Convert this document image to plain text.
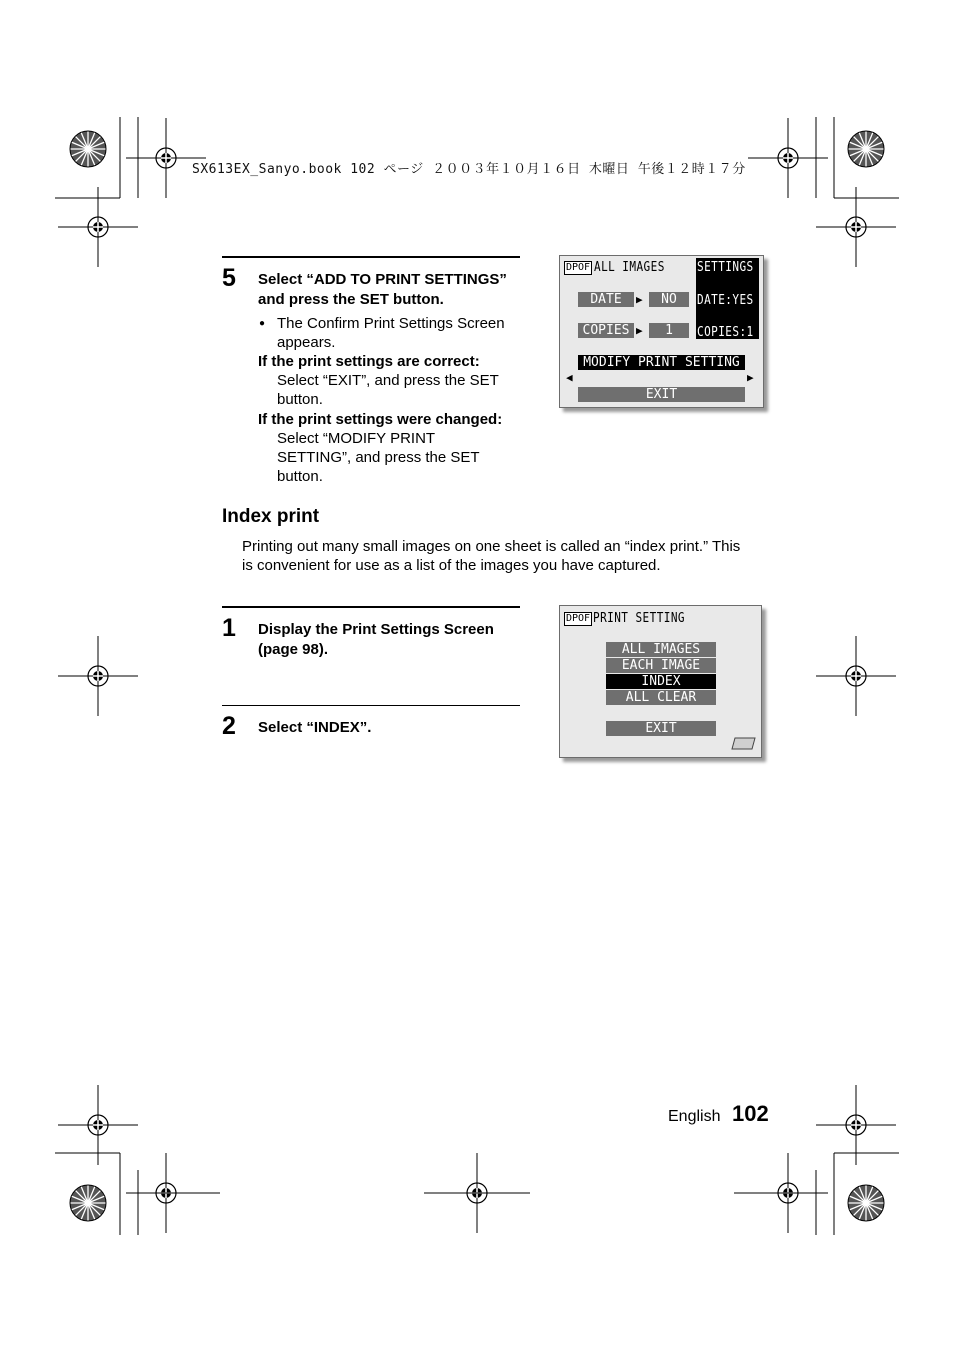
SX613EX_Sanyo.book 102 ページ ２００３年１０月１６日 木曜日 午後１２時１７分
5 Select “ADD TO PRINT SETTINGS”
and press the SET button.
● The Confirm Print Settings Screen
appears.
If the print settings are correct:
Select “EXIT”, and press the SET
button.
If the print settings were changed:
Select “MODIFY PRINT
SETTING”, and press the SET
button.
DPOF ALL IMAGES SETTINGS
DATE:YES
COPIES:1
DATE	▶	NO
COPIES ▶	1
MODIFY PRINT SETTING
◀	▶
EXIT
Index print
Printing out many small images on one sheet is called an “index print.” This
is convenient for use as a list of the images you have captured.
1 Display the Print Settings Screen
(page 98).
2 Select “INDEX”.
DPOF PRINT SETTING
ALL IMAGES
EACH IMAGE
INDEX
ALL CLEAR
EXIT
English 102
